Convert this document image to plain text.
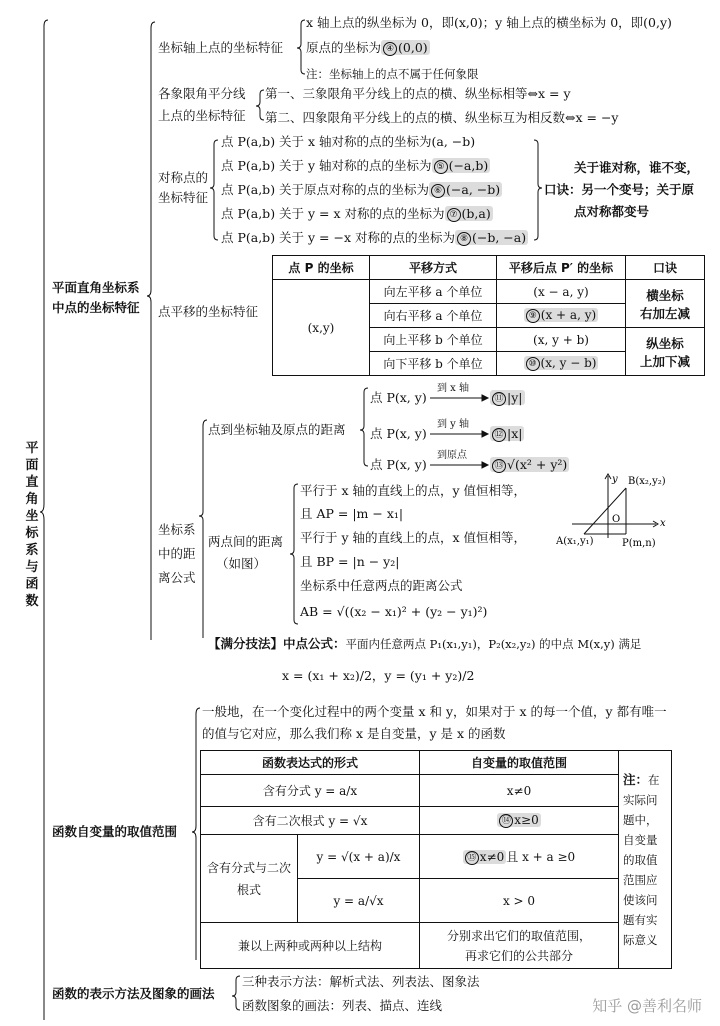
平面直角坐标系与函数
平面直角坐标系
中点的坐标特征
坐标轴上点的坐标特征
x 轴上点的纵坐标为 0，即(x,0)；y 轴上点的横坐标为 0，即(0,y)
原点的坐标为 ④ (0,0)
注：坐标轴上的点不属于任何象限
各象限角平分线
上点的坐标特征
第一、三象限角平分线上的点的横、纵坐标相等⇔x = y
第二、四象限角平分线上的点的横、纵坐标互为相反数⇔x = −y
对称点的
坐标特征
点 P(a,b) 关于 x 轴对称的点的坐标为(a, −b)
点 P(a,b) 关于 y 轴对称的点的坐标为 ⑤ (−a,b)
点 P(a,b) 关于原点对称的点的坐标为 ⑥ (−a, −b)
点 P(a,b) 关于 y = x 对称的点的坐标为 ⑦ (b,a)
点 P(a,b) 关于 y = −x 对称的点的坐标为 ⑧ (−b, −a)
关于谁对称，谁不变，
口诀：另一个变号；关于原
点对称都变号
点平移的坐标特征
点 P 的坐标	平移方式	平移后点 P′ 的坐标	口诀
(x,y)	向左平移 a 个单位	(x − a, y)	横坐标
右加左减

	向右平移 a 个单位	⑨ (x + a, y)	
	向上平移 b 个单位	(x, y + b)	纵坐标
上加下减

	向下平移 b 个单位	⑩ (x, y − b)	
坐标系
中的距
离公式
点到坐标轴及原点的距离
点 P(x, y)
到 x 轴
⑪ |y|
点 P(x, y)
到 y 轴
⑫ |x|
点 P(x, y)
到原点
⑬ √(x² + y²)
两点间的距离
（如图）
平行于 x 轴的直线上的点，y 值恒相等，
且 AP = |m − x₁|
平行于 y 轴的直线上的点，x 值恒相等，
且 BP = |n − y₂|
坐标系中任意两点的距离公式
AB = √((x₂ − x₁)² + (y₂ − y₁)²)
y
x
B(x₂,y₂)
O
A(x₁,y₁)	P(m,n)
【满分技法】中点公式：平面内任意两点 P₁(x₁,y₁)，P₂(x₂,y₂) 的中点 M(x,y) 满足
x = (x₁ + x₂)/2，y = (y₁ + y₂)/2
函数自变量的取值范围
一般地，在一个变化过程中的两个变量 x 和 y，如果对于 x 的每一个值，y 都有唯一
的值与它对应，那么我们称 x 是自变量，y 是 x 的函数
函数表达式的形式		自变量的取值范围	注：在实际问题中，自变量的取值范围应使该问题有实际意义
含有分式 y = a/x		x≠0	
含有二次根式 y = √x		⑭ x≥0	
含有分式与二次根式	y = √(x + a)/x	⑮ x≠0 且 x + a ≥0	
	y = a/√x	x > 0	
兼以上两种或两种以上结构		分别求出它们的取值范围，
再求它们的公共部分	
函数的表示方法及图象的画法
三种表示方法：解析式法、列表法、图象法
函数图象的画法：列表、描点、连线	知乎 @善利名师
